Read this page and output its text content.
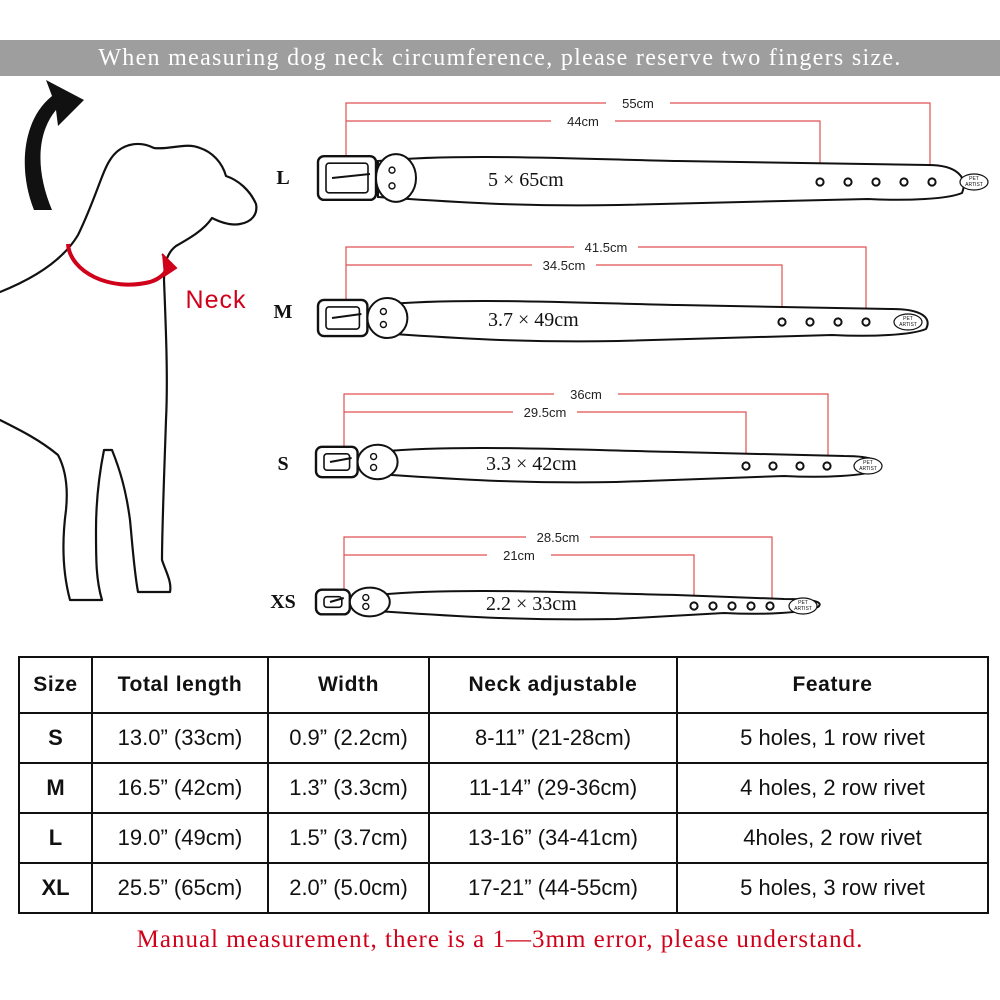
When measuring dog neck circumference, please reserve two fingers size.
Neck
55cm
44cm
L	5 × 65cm	PET
ARTIST
41.5cm
34.5cm
M	3.7 × 49cm	PET
ARTIST
36cm
29.5cm
S	3.3 × 42cm	PET
ARTIST
28.5cm
21cm
XS	2.2 × 33cm	PET
ARTIST
Size	Total length	Width	Neck adjustable	Feature
S	13.0” (33cm)	0.9” (2.2cm)	8-11” (21-28cm)	5 holes, 1 row rivet
M	16.5” (42cm)	1.3” (3.3cm)	11-14” (29-36cm)	4 holes, 2 row rivet
L	19.0” (49cm)	1.5” (3.7cm)	13-16” (34-41cm)	4holes, 2 row rivet
XL	25.5” (65cm)	2.0” (5.0cm)	17-21” (44-55cm)	5 holes, 3 row rivet
Manual measurement, there is a 1—3mm error, please understand.
